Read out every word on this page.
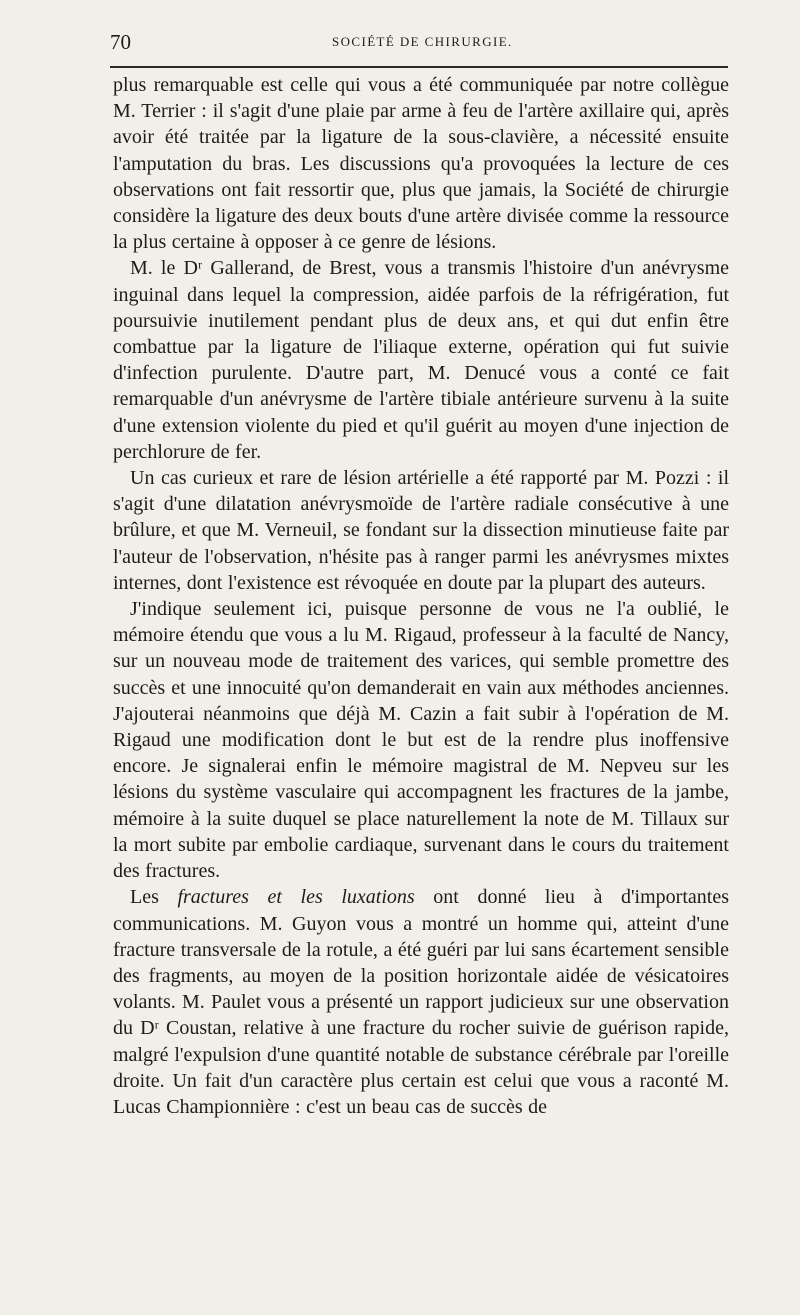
70	SOCIÉTÉ DE CHIRURGIE.

plus remarquable est celle qui vous a été communiquée par notre collègue M. Terrier : il s'agit d'une plaie par arme à feu de l'artère axillaire qui, après avoir été traitée par la ligature de la sous-clavière, a nécessité ensuite l'amputation du bras. Les discussions qu'a provoquées la lecture de ces observations ont fait ressortir que, plus que jamais, la Société de chirurgie considère la ligature des deux bouts d'une artère divisée comme la ressource la plus certaine à opposer à ce genre de lésions.

M. le Dʳ Gallerand, de Brest, vous a transmis l'histoire d'un anévrysme inguinal dans lequel la compression, aidée parfois de la réfrigération, fut poursuivie inutilement pendant plus de deux ans, et qui dut enfin être combattue par la ligature de l'iliaque externe, opération qui fut suivie d'infection purulente. D'autre part, M. Denucé vous a conté ce fait remarquable d'un anévrysme de l'artère tibiale antérieure survenu à la suite d'une extension violente du pied et qu'il guérit au moyen d'une injection de perchlorure de fer.

Un cas curieux et rare de lésion artérielle a été rapporté par M. Pozzi : il s'agit d'une dilatation anévrysmoïde de l'artère radiale consécutive à une brûlure, et que M. Verneuil, se fondant sur la dissection minutieuse faite par l'auteur de l'observation, n'hésite pas à ranger parmi les anévrysmes mixtes internes, dont l'existence est révoquée en doute par la plupart des auteurs.

J'indique seulement ici, puisque personne de vous ne l'a oublié, le mémoire étendu que vous a lu M. Rigaud, professeur à la faculté de Nancy, sur un nouveau mode de traitement des varices, qui semble promettre des succès et une innocuité qu'on demanderait en vain aux méthodes anciennes. J'ajouterai néanmoins que déjà M. Cazin a fait subir à l'opération de M. Rigaud une modification dont le but est de la rendre plus inoffensive encore. Je signalerai enfin le mémoire magistral de M. Nepveu sur les lésions du système vasculaire qui accompagnent les fractures de la jambe, mémoire à la suite duquel se place naturellement la note de M. Tillaux sur la mort subite par embolie cardiaque, survenant dans le cours du traitement des fractures.

Les fractures et les luxations ont donné lieu à d'importantes communications. M. Guyon vous a montré un homme qui, atteint d'une fracture transversale de la rotule, a été guéri par lui sans écartement sensible des fragments, au moyen de la position horizontale aidée de vésicatoires volants. M. Paulet vous a présenté un rapport judicieux sur une observation du Dʳ Coustan, relative à une fracture du rocher suivie de guérison rapide, malgré l'expulsion d'une quantité notable de substance cérébrale par l'oreille droite. Un fait d'un caractère plus certain est celui que vous a raconté M. Lucas Championnière : c'est un beau cas de succès de
